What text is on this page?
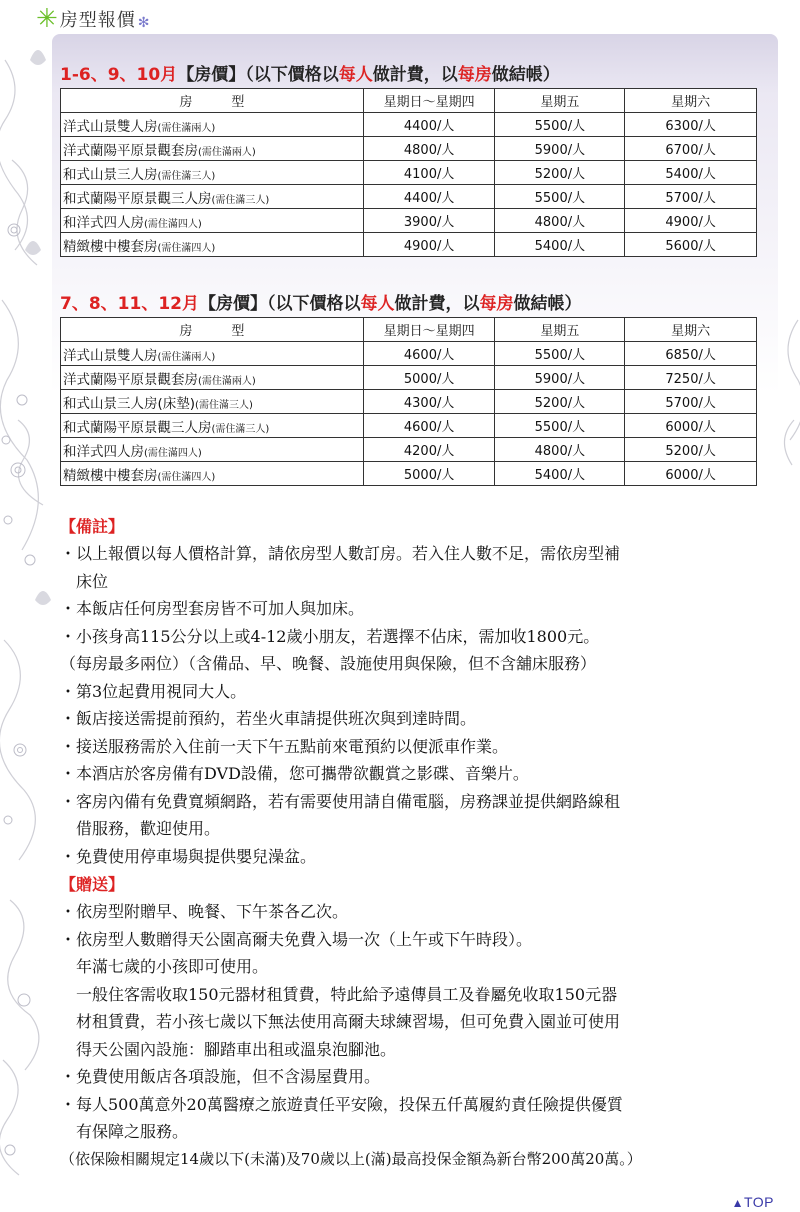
✳ 房型報價 ✻
1-6、9、10月【房價】（以下價格以每人做計費，以每房做結帳）
房　　　型	星期日～星期四	星期五	星期六
洋式山景雙人房(需住滿兩人)	4400/人	5500/人	6300/人
洋式蘭陽平原景觀套房(需住滿兩人)	4800/人	5900/人	6700/人
和式山景三人房(需住滿三人)	4100/人	5200/人	5400/人
和式蘭陽平原景觀三人房(需住滿三人)	4400/人	5500/人	5700/人
和洋式四人房(需住滿四人)	3900/人	4800/人	4900/人
精緻樓中樓套房(需住滿四人)	4900/人	5400/人	5600/人
7、8、11、12月【房價】（以下價格以每人做計費，以每房做結帳）
房　　　型	星期日～星期四	星期五	星期六
洋式山景雙人房(需住滿兩人)	4600/人	5500/人	6850/人
洋式蘭陽平原景觀套房(需住滿兩人)	5000/人	5900/人	7250/人
和式山景三人房(床墊)(需住滿三人)	4300/人	5200/人	5700/人
和式蘭陽平原景觀三人房(需住滿三人)	4600/人	5500/人	6000/人
和洋式四人房(需住滿四人)	4200/人	4800/人	5200/人
精緻樓中樓套房(需住滿四人)	5000/人	5400/人	6000/人
【備註】
・以上報價以每人價格計算，請依房型人數訂房。若入住人數不足，需依房型補
　床位
・本飯店任何房型套房皆不可加人與加床。
・小孩身高115公分以上或4-12歲小朋友，若選擇不佔床，需加收1800元。
（每房最多兩位）（含備品、早、晚餐、設施使用與保險，但不含舖床服務）
・第3位起費用視同大人。
・飯店接送需提前預約，若坐火車請提供班次與到達時間。
・接送服務需於入住前一天下午五點前來電預約以便派車作業。
・本酒店於客房備有DVD設備，您可攜帶欲觀賞之影碟、音樂片。
・客房內備有免費寬頻網路，若有需要使用請自備電腦，房務課並提供網路線租
　借服務，歡迎使用。
・免費使用停車場與提供嬰兒澡盆。
【贈送】
・依房型附贈早、晚餐、下午茶各乙次。
・依房型人數贈得天公園高爾夫免費入場一次（上午或下午時段）。
　年滿七歲的小孩即可使用。
　一般住客需收取150元器材租賃費，特此給予遠傳員工及眷屬免收取150元器
　材租賃費，若小孩七歲以下無法使用高爾夫球練習場，但可免費入園並可使用
　得天公園內設施：腳踏車出租或溫泉泡腳池。
・免費使用飯店各項設施，但不含湯屋費用。
・每人500萬意外20萬醫療之旅遊責任平安險，投保五仟萬履約責任險提供優質
　有保障之服務。
（依保險相關規定14歲以下(未滿)及70歲以上(滿)最高投保金額為新台幣200萬20萬。）
▲TOP
